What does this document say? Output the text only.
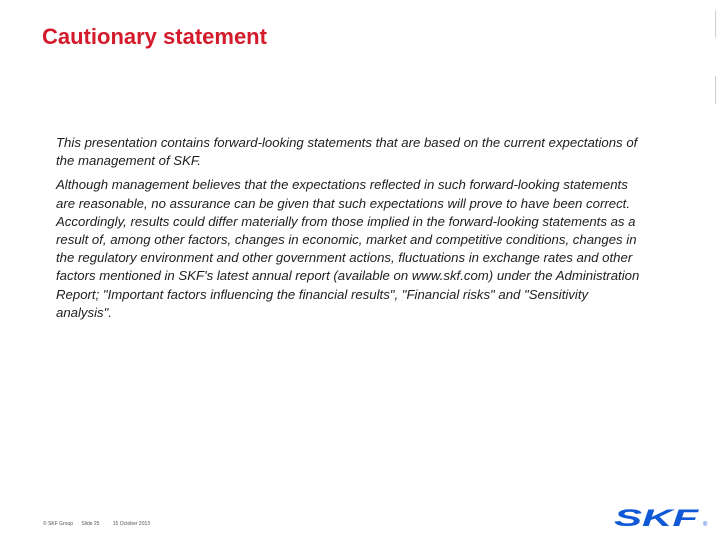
Cautionary statement

This presentation contains forward-looking statements that are based on the current expectations of the management of SKF.

Although management believes that the expectations reflected in such forward-looking statements are reasonable, no assurance can be given that such expectations will prove to have been correct. Accordingly, results could differ materially from those implied in the forward-looking statements as a result of, among other factors, changes in economic, market and competitive conditions, changes in the regulatory environment and other government actions, fluctuations in exchange rates and other factors mentioned in SKF's latest annual report (available on www.skf.com) under the Administration Report; "Important factors influencing the financial results", "Financial risks" and "Sensitivity analysis".

© SKF Group Slide 25	15 October 2013	SKF ®
